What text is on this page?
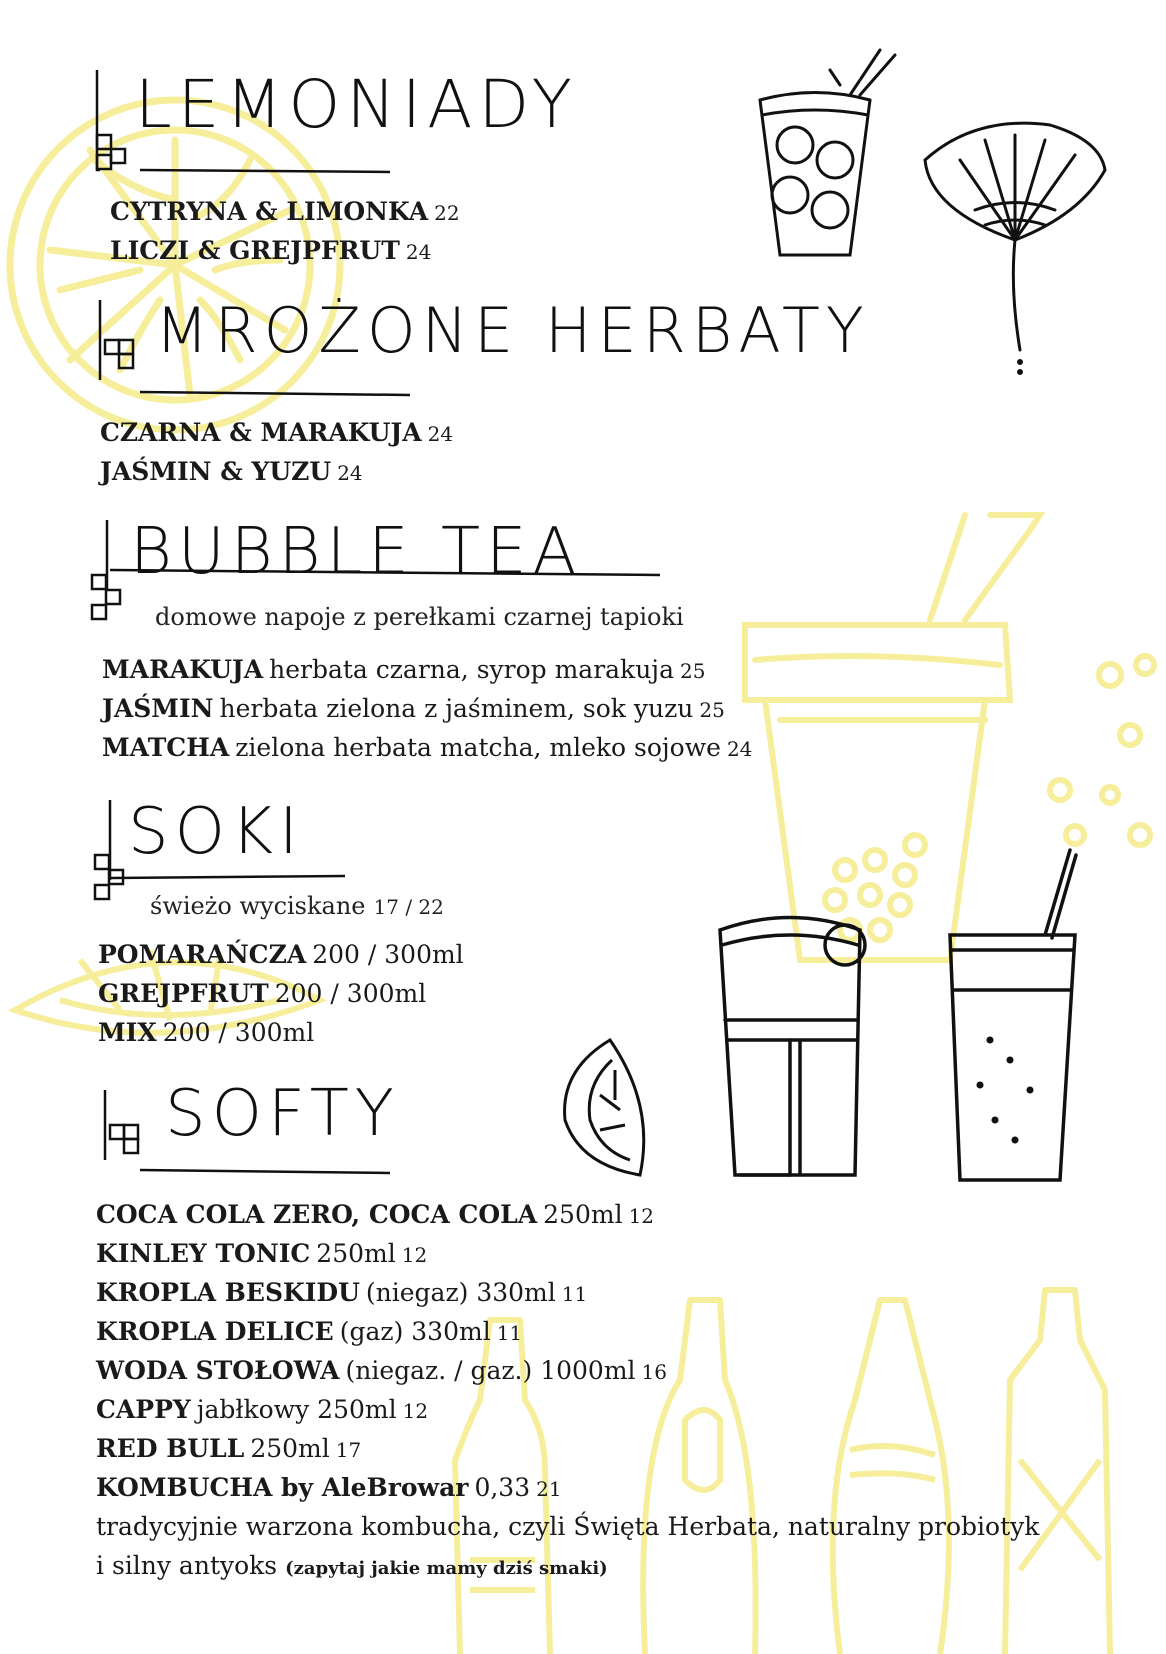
LEMONIADY
CYTRYNA & LIMONKA 22
LICZI & GREJPFRUT 24
MROŻONE HERBATY
CZARNA & MARAKUJA 24
JAŚMIN & YUZU 24
BUBBLE TEA
domowe napoje z perełkami czarnej tapioki
MARAKUJA herbata czarna, syrop marakuja 25
JAŚMIN herbata zielona z jaśminem, sok yuzu 25
MATCHA zielona herbata matcha, mleko sojowe 24
SOKI
świeżo wyciskane 17 / 22
POMARAŃCZA 200 / 300ml
GREJPFRUT 200 / 300ml
MIX 200 / 300ml
SOFTY
COCA COLA ZERO, COCA COLA 250ml 12
KINLEY TONIC 250ml 12
KROPLA BESKIDU (niegaz) 330ml 11
KROPLA DELICE (gaz) 330ml 11
WODA STOŁOWA (niegaz. / gaz.) 1000ml 16
CAPPY jabłkowy 250ml 12
RED BULL 250ml 17
KOMBUCHA by AleBrowar 0,33 21
tradycyjnie warzona kombucha, czyli Święta Herbata, naturalny probiotyk
i silny antyoks (zapytaj jakie mamy dziś smaki)
